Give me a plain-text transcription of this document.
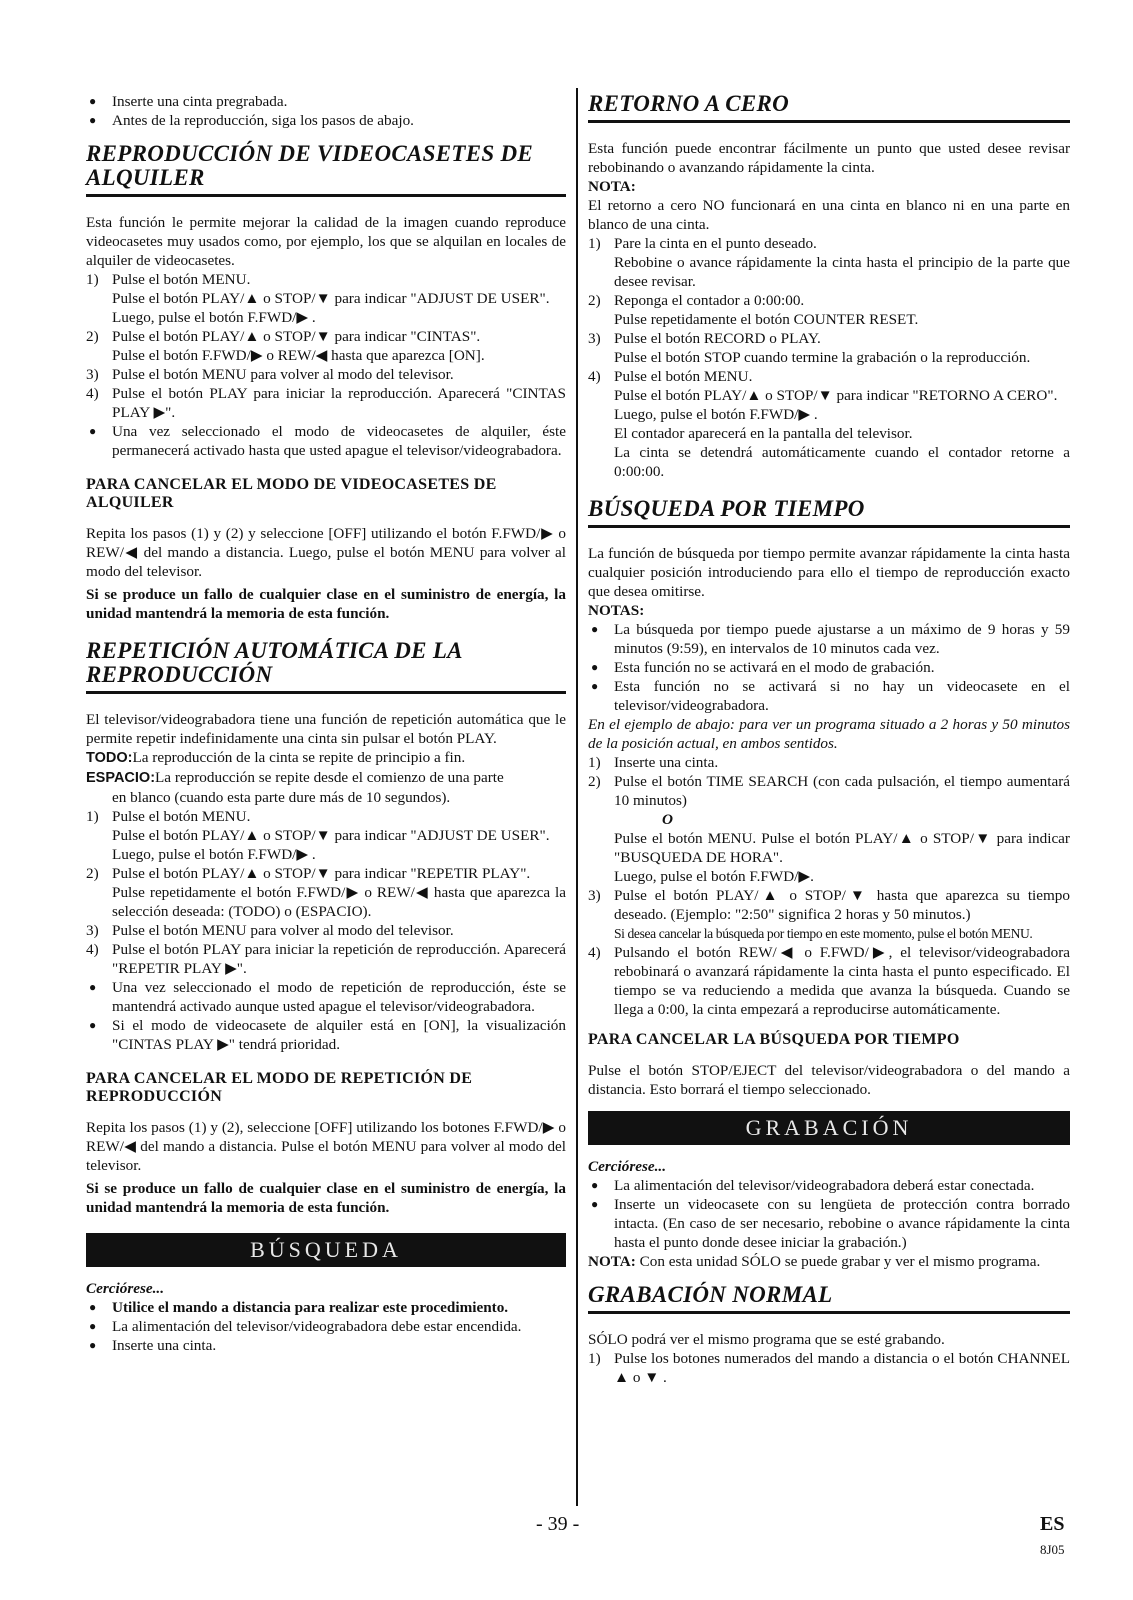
● Inserte una cinta pregrabada.

● Antes de la reproducción, siga los pasos de abajo.

REPRODUCCIÓN DE VIDEOCASETES DE ALQUILER

Esta función le permite mejorar la calidad de la imagen cuando reproduce videocasetes muy usados como, por ejemplo, los que se alquilan en locales de alquiler de videocasetes.

1) Pulse el botón MENU.

Pulse el botón PLAY/▲ o STOP/▼ para indicar "ADJUST DE USER".

Luego, pulse el botón F.FWD/▶ .

2) Pulse el botón PLAY/▲ o STOP/▼ para indicar "CINTAS".

Pulse el botón F.FWD/▶ o REW/◀ hasta que aparezca [ON].

3) Pulse el botón MENU para volver al modo del televisor.

4) Pulse el botón PLAY para iniciar la reproducción. Aparecerá "CINTAS PLAY ▶".

● Una vez seleccionado el modo de videocasetes de alquiler, éste permanecerá activado hasta que usted apague el televisor/videograbadora.

PARA CANCELAR EL MODO DE VIDEOCASETES DE ALQUILER

Repita los pasos (1) y (2) y seleccione [OFF] utilizando el botón F.FWD/▶ o REW/◀ del mando a distancia. Luego, pulse el botón MENU para volver al modo del televisor.

Si se produce un fallo de cualquier clase en el suministro de energía, la unidad mantendrá la memoria de esta función.

REPETICIÓN AUTOMÁTICA DE LA REPRODUCCIÓN

El televisor/videograbadora tiene una función de repetición automática que le permite repetir indefinidamente una cinta sin pulsar el botón PLAY.

TODO:La reproducción de la cinta se repite de principio a fin.

ESPACIO:La reproducción se repite desde el comienzo de una parte

en blanco (cuando esta parte dure más de 10 segundos).

1) Pulse el botón MENU.

Pulse el botón PLAY/▲ o STOP/▼ para indicar "ADJUST DE USER".

Luego, pulse el botón F.FWD/▶ .

2) Pulse el botón PLAY/▲ o STOP/▼ para indicar "REPETIR PLAY".

Pulse repetidamente el botón F.FWD/▶ o REW/◀ hasta que aparezca la selección deseada: (TODO) o (ESPACIO).

3) Pulse el botón MENU para volver al modo del televisor.

4) Pulse el botón PLAY para iniciar la repetición de reproducción. Aparecerá "REPETIR PLAY ▶".

● Una vez seleccionado el modo de repetición de reproducción, éste se mantendrá activado aunque usted apague el televisor/videograbadora.

● Si el modo de videocasete de alquiler está en [ON], la visualización "CINTAS PLAY ▶" tendrá prioridad.

PARA CANCELAR EL MODO DE REPETICIÓN DE REPRODUCCIÓN

Repita los pasos (1) y (2), seleccione [OFF] utilizando los botones F.FWD/▶ o REW/◀ del mando a distancia. Pulse el botón MENU para volver al modo del televisor.

Si se produce un fallo de cualquier clase en el suministro de energía, la unidad mantendrá la memoria de esta función.

BÚSQUEDA

Cerciórese...

● Utilice el mando a distancia para realizar este procedimiento.

● La alimentación del televisor/videograbadora debe estar encendida.

● Inserte una cinta.

RETORNO A CERO

Esta función puede encontrar fácilmente un punto que usted desee revisar rebobinando o avanzando rápidamente la cinta.

NOTA:

El retorno a cero NO funcionará en una cinta en blanco ni en una parte en blanco de una cinta.

1) Pare la cinta en el punto deseado.

Rebobine o avance rápidamente la cinta hasta el principio de la parte que desee revisar.

2) Reponga el contador a 0:00:00.

Pulse repetidamente el botón COUNTER RESET.

3) Pulse el botón RECORD o PLAY.

Pulse el botón STOP cuando termine la grabación o la reproducción.

4) Pulse el botón MENU.

Pulse el botón PLAY/▲ o STOP/▼ para indicar "RETORNO A CERO".

Luego, pulse el botón F.FWD/▶ .

El contador aparecerá en la pantalla del televisor.

La cinta se detendrá automáticamente cuando el contador retorne a 0:00:00.

BÚSQUEDA POR TIEMPO

La función de búsqueda por tiempo permite avanzar rápidamente la cinta hasta cualquier posición introduciendo para ello el tiempo de reproducción exacto que desea omitirse.

NOTAS:

● La búsqueda por tiempo puede ajustarse a un máximo de 9 horas y 59 minutos (9:59), en intervalos de 10 minutos cada vez.

● Esta función no se activará en el modo de grabación.

● Esta función no se activará si no hay un videocasete en el televisor/videograbadora.

En el ejemplo de abajo: para ver un programa situado a 2 horas y 50 minutos de la posición actual, en ambos sentidos.

1) Inserte una cinta.

2) Pulse el botón TIME SEARCH (con cada pulsación, el tiempo aumentará 10 minutos)

O

Pulse el botón MENU. Pulse el botón PLAY/▲ o STOP/▼ para indicar "BUSQUEDA DE HORA".

Luego, pulse el botón F.FWD/▶.

3) Pulse el botón PLAY/▲ o STOP/▼ hasta que aparezca su tiempo deseado. (Ejemplo: "2:50" significa 2 horas y 50 minutos.)

Si desea cancelar la búsqueda por tiempo en este momento, pulse el botón MENU.

4) Pulsando el botón REW/◀ o F.FWD/▶, el televisor/videograbadora rebobinará o avanzará rápidamente la cinta hasta el punto especificado. El tiempo se va reduciendo a medida que avanza la búsqueda. Cuando se llega a 0:00, la cinta empezará a reproducirse automáticamente.

PARA CANCELAR LA BÚSQUEDA POR TIEMPO

Pulse el botón STOP/EJECT del televisor/videograbadora o del mando a distancia. Esto borrará el tiempo seleccionado.

GRABACIÓN

Cerciórese...

● La alimentación del televisor/videograbadora deberá estar conectada.

● Inserte un videocasete con su lengüeta de protección contra borrado intacta. (En caso de ser necesario, rebobine o avance rápidamente la cinta hasta el punto donde desee iniciar la grabación.)

NOTA: Con esta unidad SÓLO se puede grabar y ver el mismo programa.

GRABACIÓN NORMAL

SÓLO podrá ver el mismo programa que se esté grabando.

1) Pulse los botones numerados del mando a distancia o el botón CHANNEL ▲ o ▼ .

- 39 -	ES
8J05
